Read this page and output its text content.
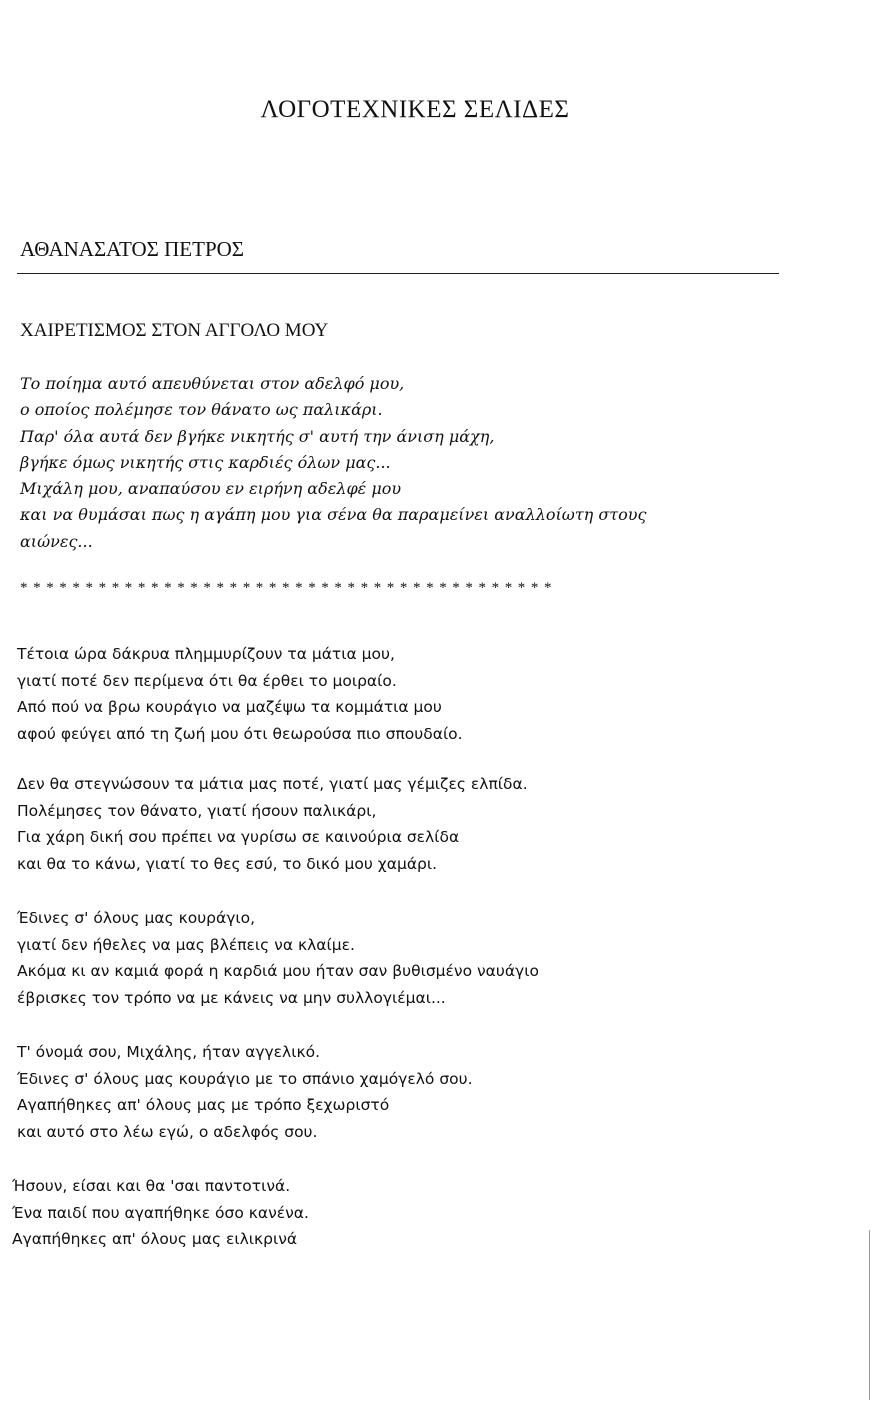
ΛΟΓΟΤΕΧΝΙΚΕΣ ΣΕΛΙΔΕΣ
ΑΘΑΝΑΣΑΤΟΣ ΠΕΤΡΟΣ
ΧΑΙΡΕΤΙΣΜΟΣ ΣΤΟΝ ΑΓΓΟΛΟ ΜΟΥ
Το ποίημα αυτό απευθύνεται στον αδελφό μου,
ο οποίος πολέμησε τον θάνατο ως παλικάρι.
Παρ' όλα αυτά δεν βγήκε νικητής σ' αυτή την άνιση μάχη,
βγήκε όμως νικητής στις καρδιές όλων μας...
Μιχάλη μου, αναπαύσου εν ειρήνη αδελφέ μου
και να θυμάσαι πως η αγάπη μου για σένα θα παραμείνει αναλλοίωτη στους
αιώνες...
*****************************************
Τέτοια ώρα δάκρυα πλημμυρίζουν τα μάτια μου,
γιατί ποτέ δεν περίμενα ότι θα έρθει το μοιραίο.
Από πού να βρω κουράγιο να μαζέψω τα κομμάτια μου
αφού φεύγει από τη ζωή μου ότι θεωρούσα πιο σπουδαίο.
Δεν θα στεγνώσουν τα μάτια μας ποτέ, γιατί μας γέμιζες ελπίδα.
Πολέμησες τον θάνατο, γιατί ήσουν παλικάρι,
Για χάρη δική σου πρέπει να γυρίσω σε καινούρια σελίδα
και θα το κάνω, γιατί το θες εσύ, το δικό μου χαμάρι.
Έδινες σ' όλους μας κουράγιο,
γιατί δεν ήθελες να μας βλέπεις να κλαίμε.
Ακόμα κι αν καμιά φορά η καρδιά μου ήταν σαν βυθισμένο ναυάγιο
έβρισκες τον τρόπο να με κάνεις να μην συλλογιέμαι...
Τ' όνομά σου, Μιχάλης, ήταν αγγελικό.
Έδινες σ' όλους μας κουράγιο με το σπάνιο χαμόγελό σου.
Αγαπήθηκες απ' όλους μας με τρόπο ξεχωριστό
και αυτό στο λέω εγώ, ο αδελφός σου.
Ήσουν, είσαι και θα 'σαι παντοτινά.
Ένα παιδί που αγαπήθηκε όσο κανένα.
Αγαπήθηκες απ' όλους μας ειλικρινά
